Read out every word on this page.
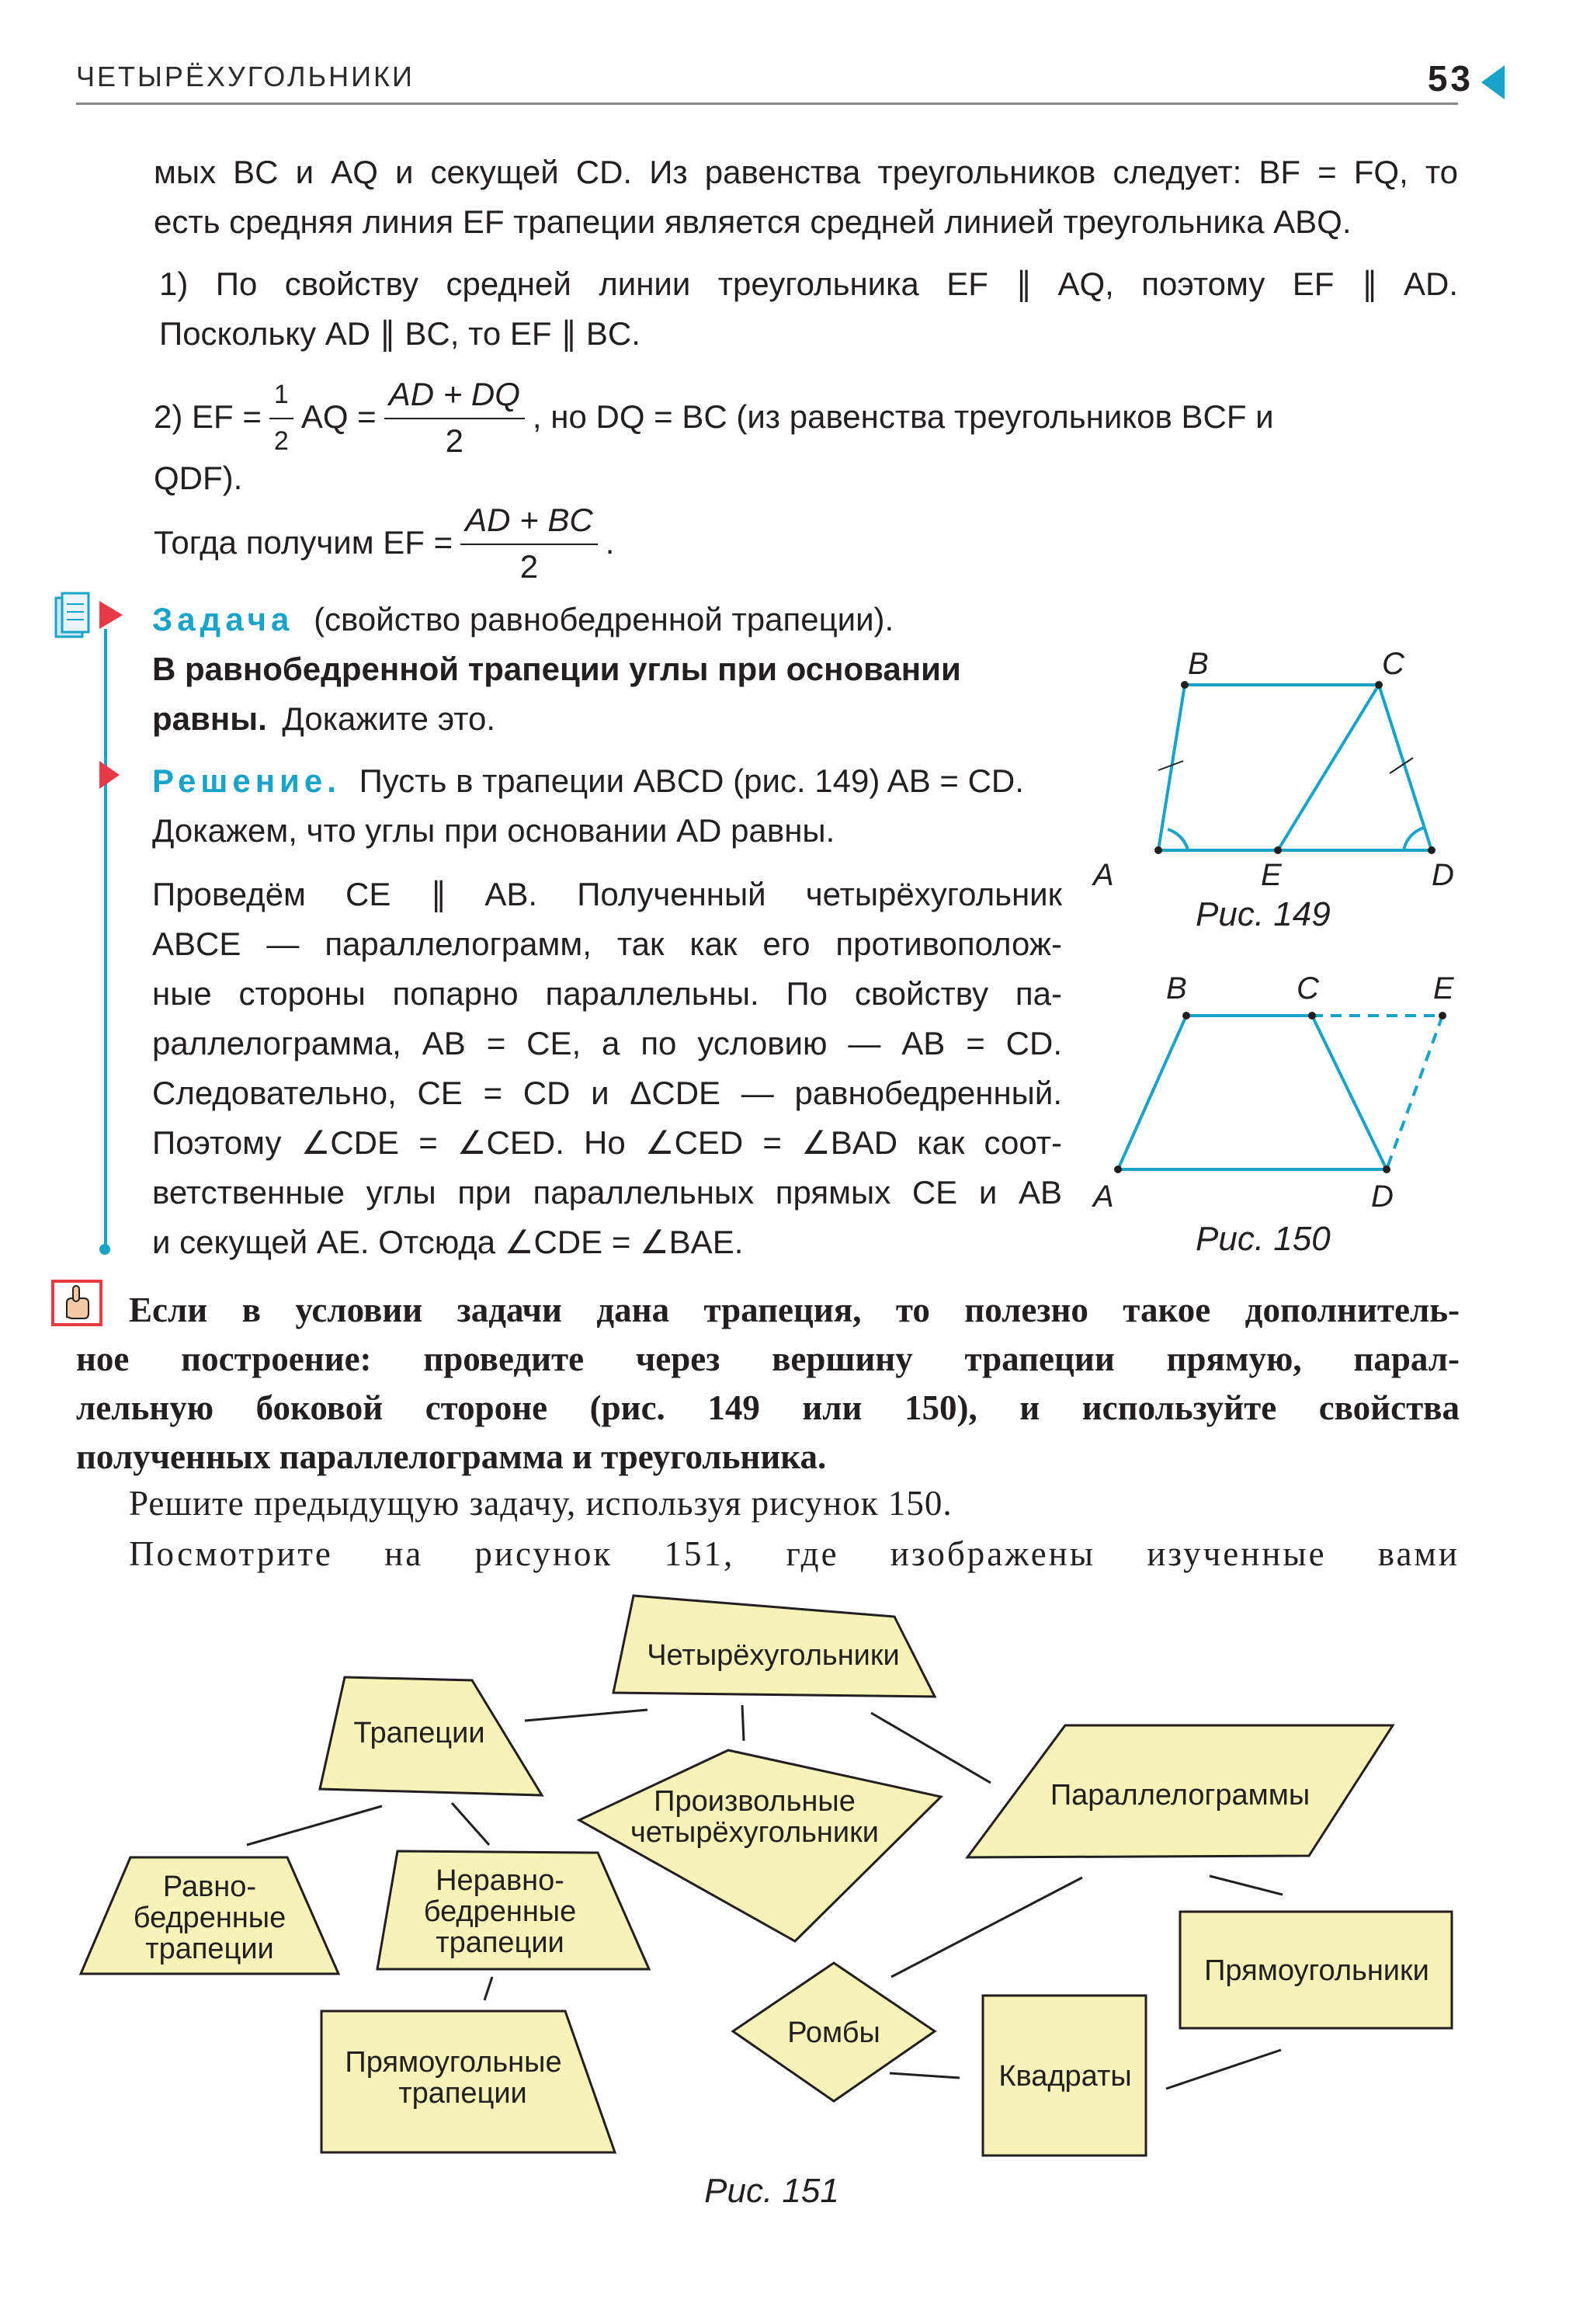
ЧЕТЫРЁХУГОЛЬНИКИ	53
мых BC и AQ и секущей CD. Из равенства треугольников следует: BF = FQ, то
есть средняя линия EF трапеции является средней линией треугольника ABQ.
1) По свойству средней линии треугольника EF ∥ AQ, поэтому EF ∥ AD.
Поскольку AD ∥ BC, то EF ∥ BC.
2) EF = $\frac{1}{2}$ AQ = $\frac{AD + DQ}{2}$ , но DQ = BC (из равенства треугольников BCF и
QDF).
Тогда получим EF = $\frac{AD + BC}{2}$ .
Задача (свойство равнобедренной трапеции).
В равнобедренной трапеции углы при основании
равны. Докажите это.
Решение. Пусть в трапеции ABCD (рис. 149) AB = CD.
Докажем, что углы при основании AD равны.
Проведём CE ∥ AB. Полученный четырёхугольник
ABCE — параллелограмм, так как его противополож-
ные стороны попарно параллельны. По свойству па-
раллелограмма, AB = CE, а по условию — AB = CD.
Следовательно, CE = CD и ΔCDE — равнобедренный.
Поэтому ∠CDE = ∠CED. Но ∠CED = ∠BAD как соот-
ветственные углы при параллельных прямых CE и AB
и секущей AE. Отсюда ∠CDE = ∠BAE.
B	C
A	E	D
Рис. 149
B	C	E
A	D
Рис. 150
Если в условии задачи дана трапеция, то полезно такое дополнитель-
ное построение: проведите через вершину трапеции прямую, парал-
лельную боковой стороне (рис. 149 или 150), и используйте свойства
полученных параллелограмма и треугольника.
Решите предыдущую задачу, используя рисунок 150.
Посмотрите на рисунок 151, где изображены изученные вами
Четырёхугольники
Трапеции
Произвольные
четырёхугольники
Параллелограммы
Равно-
бедренные
трапеции
Неравно-
бедренные
трапеции
Прямоугольные
трапеции
Ромбы
Квадраты
Прямоугольники
Рис. 151
